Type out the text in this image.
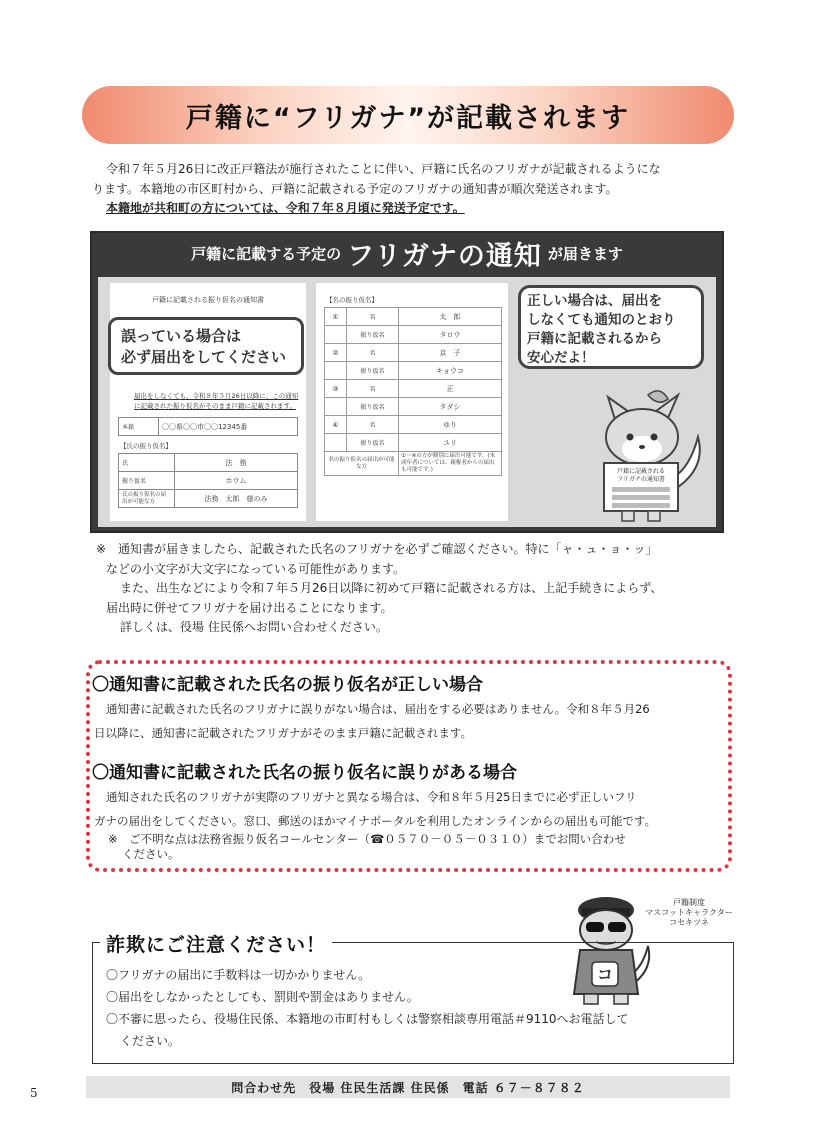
戸籍に“フリガナ”が記載されます

令和７年５月26日に改正戸籍法が施行されたことに伴い、戸籍に氏名のフリガナが記載されるようにな

ります。本籍地の市区町村から、戸籍に記載される予定のフリガナの通知書が順次発送されます。

本籍地が共和町の方については、令和７年８月頃に発送予定です。

戸籍に記載する予定の フリガナの通知 が届きます
戸籍に記載される振り仮名の通知書
届出をしなくても、令和８年５月26日以降に、この通知
に記載された振り仮名がそのまま戸籍に記載されます。
本籍	〇〇県〇〇市〇〇12345番
【氏の振り仮名】
氏	法　務
振り仮名	ホウム
氏の振り仮名の届出が可能な方	法務　太郎　様のみ
誤っている場合は
必ず届出をしてください
【名の振り仮名】
①	名	太　郎
	振り仮名	タロウ
②	名	京　子
	振り仮名	キョウコ
③	名	正
	振り仮名	タダシ
④	名	ゆり
	振り仮名	ユリ
名の振り仮名の届出が可能な方		①～④の方が個別に届出可能です。(未成年者については、親権者からの届出も可能です。)
正しい場合は、届出を
しなくても通知のとおり
戸籍に記載されるから
安心だよ！
戸籍に記載される
フリガナの通知書

※　通知書が届きましたら、記載された氏名のフリガナを必ずご確認ください。特に「ャ・ュ・ョ・ッ」

などの小文字が大文字になっている可能性があります。

また、出生などにより令和７年５月26日以降に初めて戸籍に記載される方は、上記手続きによらず、

届出時に併せてフリガナを届け出ることになります。

詳しくは、役場 住民係へお問い合わせください。

〇通知書に記載された氏名の振り仮名が正しい場合

通知書に記載された氏名のフリガナに誤りがない場合は、届出をする必要はありません。令和８年５月26

日以降に、通知書に記載されたフリガナがそのまま戸籍に記載されます。

〇通知書に記載された氏名の振り仮名に誤りがある場合

通知された氏名のフリガナが実際のフリガナと異なる場合は、令和８年５月25日までに必ず正しいフリ

ガナの届出をしてください。窓口、郵送のほかマイナポータルを利用したオンラインからの届出も可能です。

※　ご不明な点は法務省振り仮名コールセンター（☎０５７０－０５－０３１０）までお問い合わせ

ください。

戸籍制度
マスコットキャラクター
コセキツネ
コ
詐欺にご注意ください！

〇フリガナの届出に手数料は一切かかりません。

〇届出をしなかったとしても、罰則や罰金はありません。

〇不審に思ったら、役場住民係、本籍地の市町村もしくは警察相談専用電話＃9110へお電話して

ください。

問合わせ先　役場 住民生活課 住民係　電話 ６７－８７８２
5
